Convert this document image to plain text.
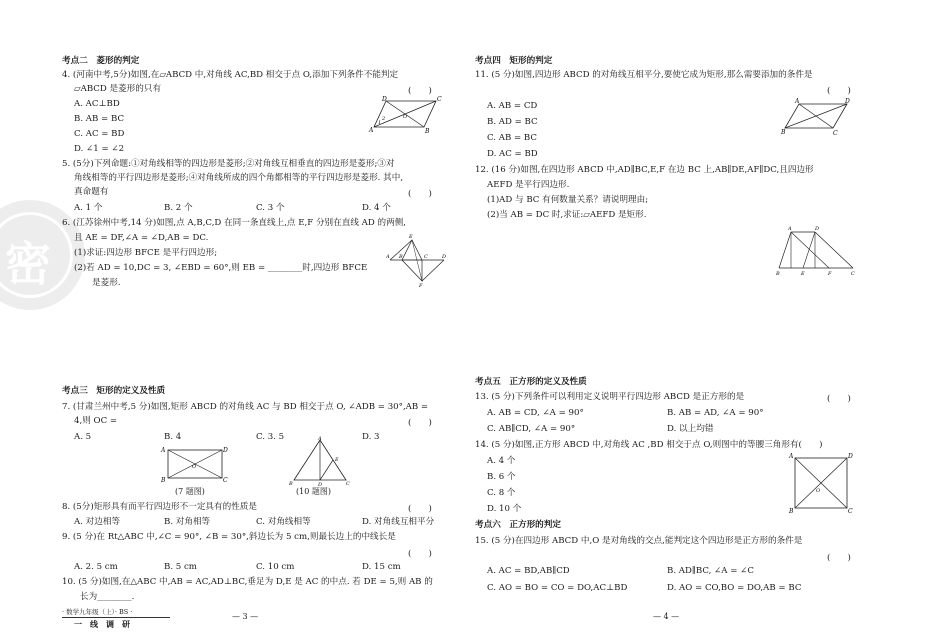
密
考点二　菱形的判定
4. (河南中考,5分)如图,在▱ABCD 中,对角线 AC,BD 相交于点 O,添加下列条件不能判定
▱ABCD 是菱形的只有	(　　)
A. AC⊥BD
B. AB = BC
C. AC = BD
D. ∠1 = ∠2
D	C
A	B
O
1
2
5. (5分)下列命题:①对角线相等的四边形是菱形;②对角线互相垂直的四边形是菱形;③对
角线相等的平行四边形是菱形;④对角线所成的四个角都相等的平行四边形是菱形. 其中,
真命题有	(　　)
A. 1 个	B. 2 个	C. 3 个	D. 4 个
6. (江苏徐州中考,14 分)如图,点 A,B,C,D 在同一条直线上,点 E,F 分别在直线 AD 的两侧,
且 AE = DF,∠A = ∠D,AB = DC.
(1)求证:四边形 BFCE 是平行四边形;
(2)若 AD = 10,DC = 3, ∠EBD = 60°,则 EB = ________时,四边形 BFCE
是菱形.
E
A B	C	D
F
考点三　矩形的定义及性质
7. (甘肃兰州中考,5 分)如图,矩形 ABCD 的对角线 AC 与 BD 相交于点 O, ∠ADB = 30°,AB =
4,则 OC =	(　　)
A. 5	B. 4	C. 3. 5	D. 3
A	D
B	C
O
(7 题图)
A
E
B	D	C
(10 题图)
8. (5分)矩形具有而平行四边形不一定具有的性质是	(　　)
A. 对边相等	B. 对角相等	C. 对角线相等	D. 对角线互相平分
9. (5 分)在 Rt△ABC 中,∠C = 90°, ∠B = 30°,斜边长为 5 cm,则最长边上的中线长是
(　　)
A. 2. 5 cm	B. 5 cm	C. 10 cm	D. 15 cm
10. (5 分)如图,在△ABC 中,AB = AC,AD⊥BC,垂足为 D,E 是 AC 的中点. 若 DE = 5,则 AB 的
长为________.
· 数学九年级（上）· BS ·
一　线　调　研
— 3 —
考点四　矩形的判定
11. (5 分)如图,四边形 ABCD 的对角线互相平分,要使它成为矩形,那么需要添加的条件是
(　　)
A. AB = CD
B. AD = BC
C. AB = BC
D. AC = BD
A	D
B	C
12. (16 分)如图,在四边形 ABCD 中,AD∥BC,E,F 在边 BC 上,AB∥DE,AF∥DC,且四边形
AEFD 是平行四边形.
(1)AD 与 BC 有何数量关系？请说明理由;
(2)当 AB = DC 时,求证:▱AEFD 是矩形.
A	D
B	E	F	C
考点五　正方形的定义及性质
13. (5 分)下列条件可以利用定义说明平行四边形 ABCD 是正方形的是	(　　)
A. AB = CD, ∠A = 90°	B. AB = AD, ∠A = 90°
C. AB∥CD, ∠A = 90°	D. 以上均错
14. (5 分)如图,正方形 ABCD 中,对角线 AC ,BD 相交于点 O,则图中的等腰三角形有(　　)
A. 4 个
B. 6 个
C. 8 个
D. 10 个
A	D
B	C
O
考点六　正方形的判定
15. (5 分)在四边形 ABCD 中,O 是对角线的交点,能判定这个四边形是正方形的条件是
(　　)
A. AC = BD,AB∥CD	B. AD∥BC, ∠A = ∠C
C. AO = BO = CO = DO,AC⊥BD	D. AO = CO,BO = DO,AB = BC
— 4 —
